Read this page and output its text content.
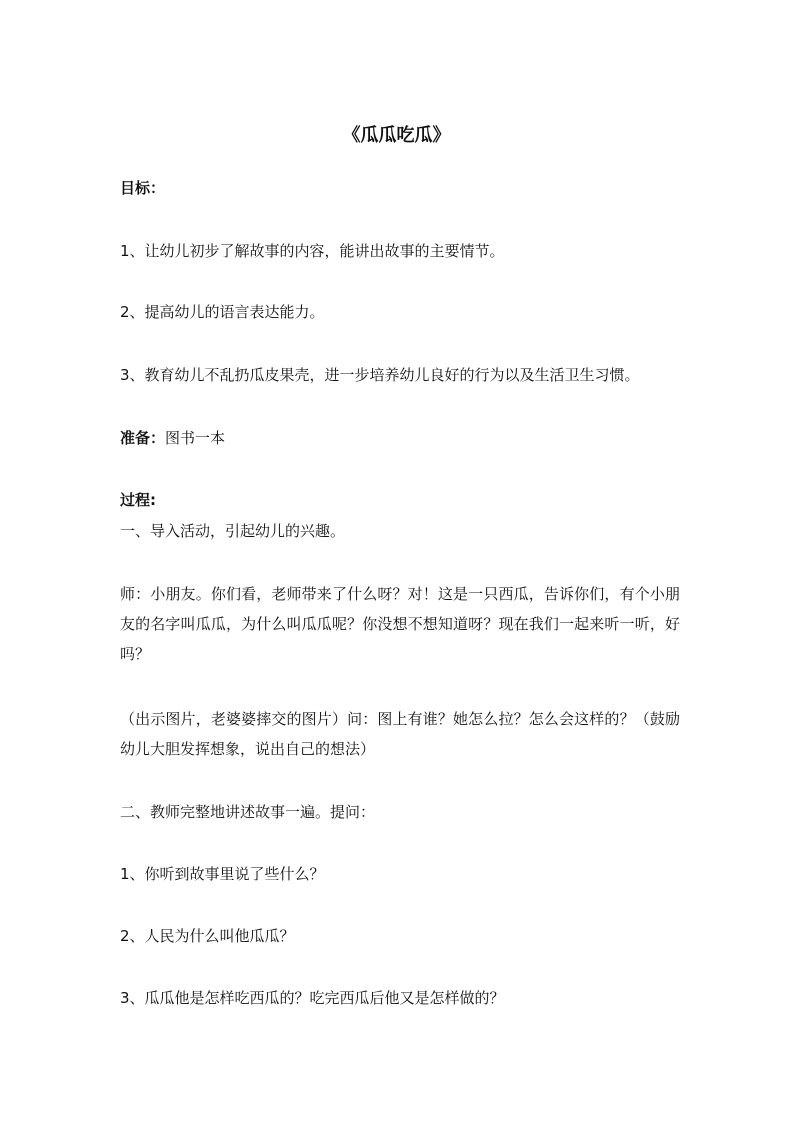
《瓜瓜吃瓜》
目标：
1、让幼儿初步了解故事的内容，能讲出故事的主要情节。
2、提高幼儿的语言表达能力。
3、教育幼儿不乱扔瓜皮果壳，进一步培养幼儿良好的行为以及生活卫生习惯。
准备：图书一本
过程:
一、导入活动，引起幼儿的兴趣。
师：小朋友。你们看，老师带来了什么呀？对！这是一只西瓜，告诉你们，有个小朋友的名字叫瓜瓜，为什么叫瓜瓜呢？你没想不想知道呀？现在我们一起来听一听，好吗？
（出示图片，老婆婆摔交的图片）问：图上有谁？她怎么拉？怎么会这样的？（鼓励幼儿大胆发挥想象，说出自己的想法）
二、教师完整地讲述故事一遍。提问：
1、你听到故事里说了些什么？
2、人民为什么叫他瓜瓜？
3、瓜瓜他是怎样吃西瓜的？吃完西瓜后他又是怎样做的？
